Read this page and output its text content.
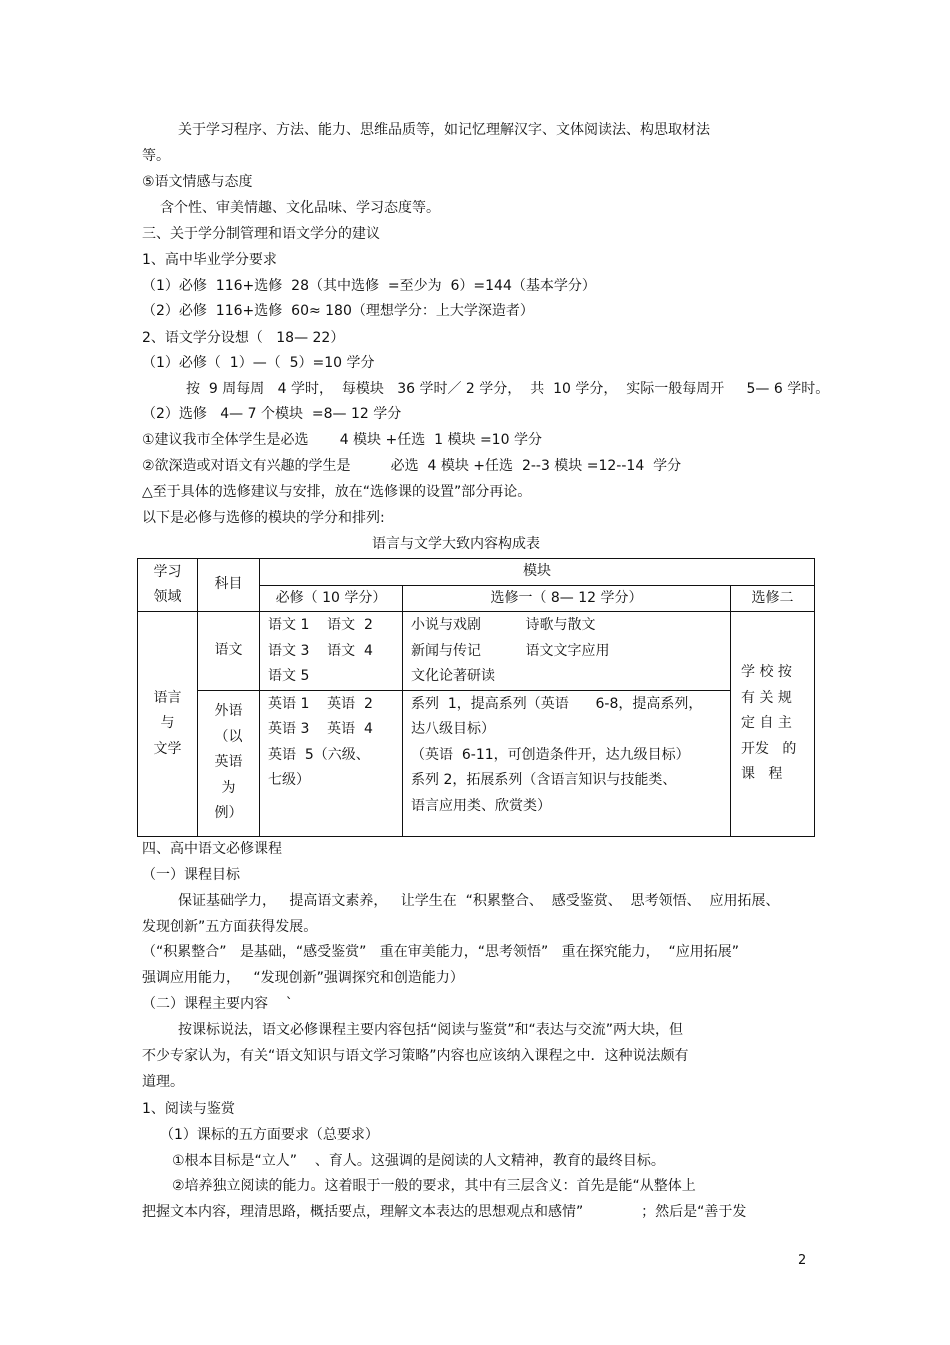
关于学习程序、方法、能力、思维品质等，如记忆理解汉字、文体阅读法、构思取材法
等。
⑤语文情感与态度
含个性、审美情趣、文化品味、学习态度等。
三、关于学分制管理和语文学分的建议
1、高中毕业学分要求
（1）必修  116+选修  28（其中选修  =至少为  6）=144（基本学分）
（2）必修  116+选修  60≈ 180（理想学分：上大学深造者）
2、语文学分设想（   18— 22）
（1）必修（  1）—（  5）=10 学分
按  9 周每周   4 学时，  每模块   36 学时／ 2 学分，  共  10 学分，  实际一般每周开     5— 6 学时。
（2）选修   4— 7 个模块  =8— 12 学分
①建议我市全体学生是必选       4 模块 +任选  1 模块 =10 学分
②欲深造或对语文有兴趣的学生是         必选  4 模块 +任选  2--3 模块 =12--14  学分
△至于具体的选修建议与安排，放在“选修课的设置”部分再论。
以下是必修与选修的模块的学分和排列:
语言与文学大致内容构成表
学习
领域	科目	模块		
		必修（ 10 学分）	选修一（ 8— 12 学分）	选修二

语言
与
文学	语文	语文 1    语文  2
语文 3    语文  4
语文 5	小说与戏剧          诗歌与散文
新闻与传记          语文文字应用
文化论著研读	学 校 按
有 关 规
定 自 主
开发   的
课   程

	外语
（以
英语
为
例）	英语 1    英语  2
英语 3    英语  4
英语  5（六级、
七级）	系列  1，提高系列（英语      6-8，提高系列，
达八级目标）
（英语  6-11，可创造条件开，达九级目标）
系列 2，拓展系列（含语言知识与技能类、
语言应用类、欣赏类）	
四、高中语文必修课程
（一）课程目标
保证基础学力，   提高语文素养，   让学生在  “积累整合、  感受鉴赏、  思考领悟、  应用拓展、
发现创新”五方面获得发展。
（“积累整合”   是基础，“感受鉴赏”   重在审美能力，“思考领悟”   重在探究能力，  “应用拓展”
强调应用能力，   “发现创新”强调探究和创造能力）
（二）课程主要内容    `
按课标说法，语文必修课程主要内容包括“阅读与鉴赏”和“表达与交流”两大块，但
不少专家认为，有关“语文知识与语文学习策略”内容也应该纳入课程之中．这种说法颇有
道理。
1、阅读与鉴赏
（1）课标的五方面要求（总要求）
①根本目标是“立人”    、育人。这强调的是阅读的人文精神，教育的最终目标。
②培养独立阅读的能力。这着眼于一般的要求，其中有三层含义：首先是能“从整体上
把握文本内容，理清思路，概括要点，理解文本表达的思想观点和感情”             ；然后是“善于发
2
